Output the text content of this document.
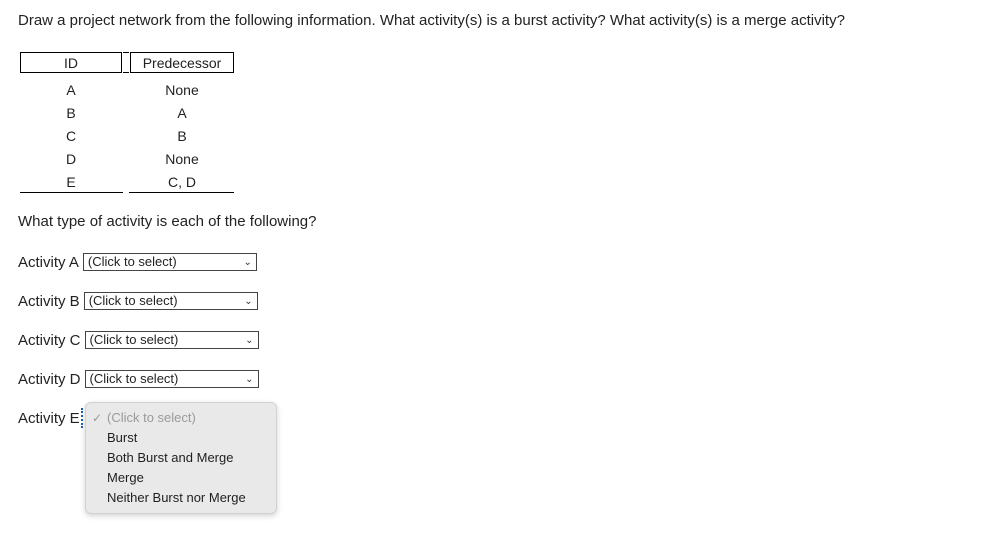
Draw a project network from the following information. What activity(s) is a burst activity? What activity(s) is a merge activity?
ID	Predecessor
A	None
B	A
C	B
D	None
E	C, D
What type of activity is each of the following?
Activity A (Click to select)	⌄
Activity B (Click to select)	⌄
Activity C (Click to select)	⌄
Activity D (Click to select)	⌄
Activity E ✓ (Click to select)
Burst
Both Burst and Merge
Merge
Neither Burst nor Merge
